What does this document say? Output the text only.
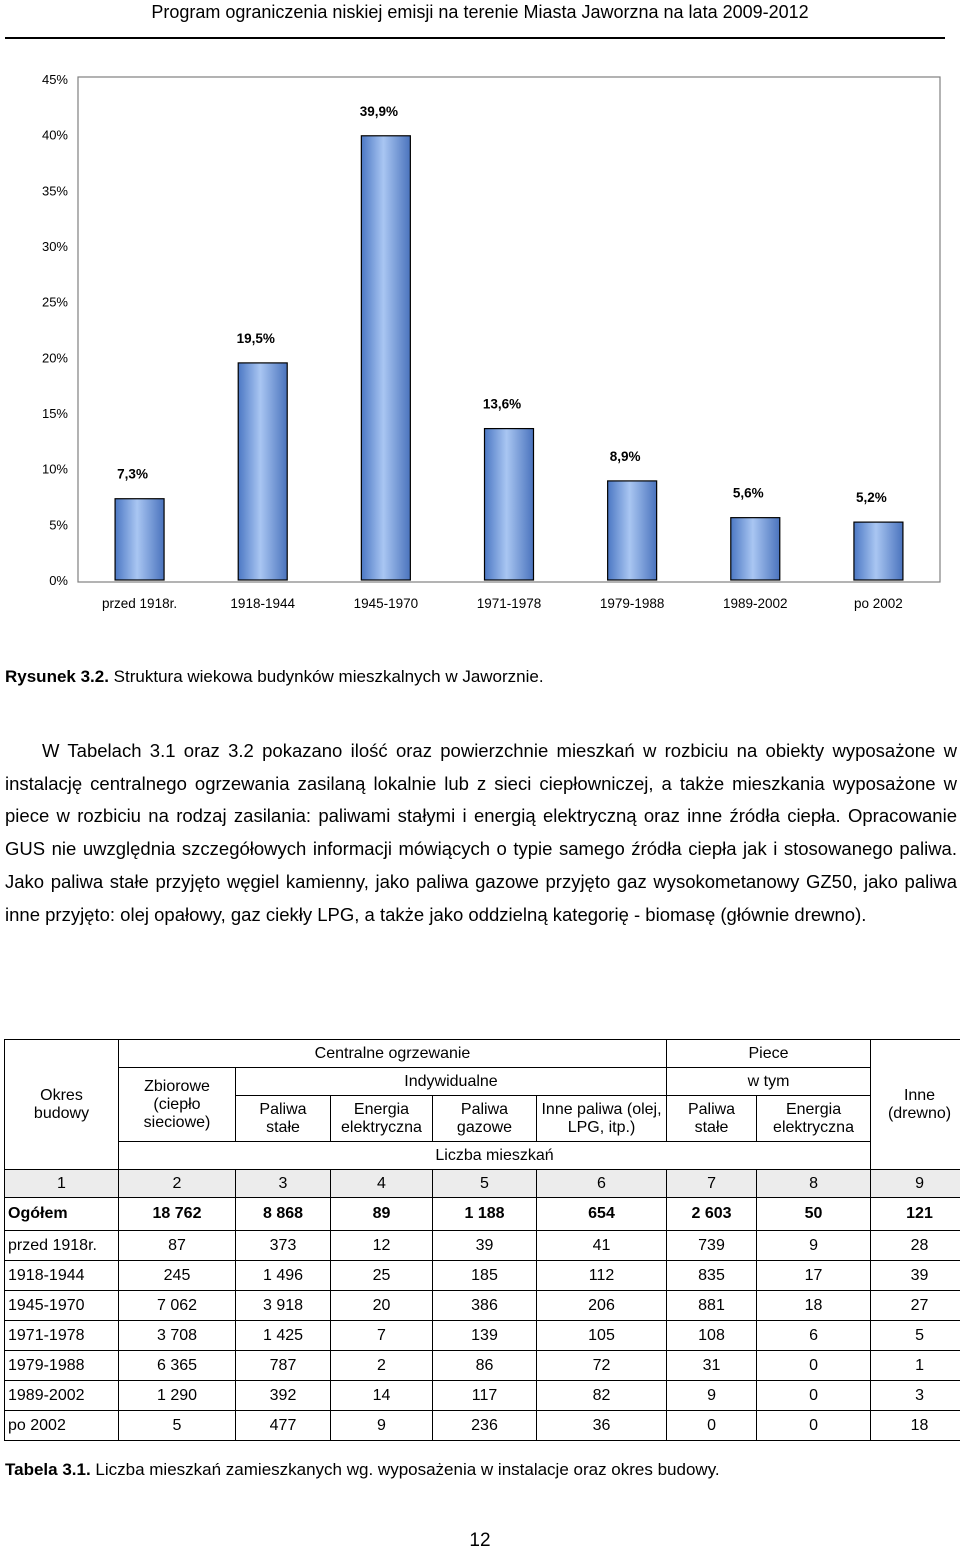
Program ograniczenia niskiej emisji na terenie Miasta Jaworzna na lata 2009-2012
0%
5%
10%
15%
20%
25%
30%
35%
40%
45%
7,3%
przed 1918r.
19,5%
1918-1944
39,9%
1945-1970
13,6%
1971-1978
8,9%
1979-1988
5,6%
1989-2002
5,2%
po 2002
Rysunek 3.2. Struktura wiekowa budynków mieszkalnych w Jaworznie.
W Tabelach 3.1 oraz 3.2 pokazano ilość oraz powierzchnie mieszkań w rozbiciu na obiekty wyposażone w instalację centralnego ogrzewania zasilaną lokalnie lub z sieci ciepłowniczej, a także mieszkania wyposażone w piece w rozbiciu na rodzaj zasilania: paliwami stałymi i energią elektryczną oraz inne źródła ciepła. Opracowanie GUS nie uwzględnia szczegółowych informacji mówiących o typie samego źródła ciepła jak i stosowanego paliwa. Jako paliwa stałe przyjęto węgiel kamienny, jako paliwa gazowe przyjęto gaz wysokometanowy GZ50, jako paliwa inne przyjęto: olej opałowy, gaz ciekły LPG, a także jako oddzielną kategorię - biomasę (głównie drewno).
Okres budowy	Centralne ogrzewanie					Piece		Inne (drewno)
	Zbiorowe (ciepło sieciowe)	Indywidualne				w tym		
		Paliwa stałe	Energia elektryczna	Paliwa gazowe	Inne paliwa (olej, LPG, itp.)	Paliwa stałe	Energia elektryczna	
	Liczba mieszkań							
1	2	3	4	5	6	7	8	9
Ogółem	18 762	8 868	89	1 188	654	2 603	50	121
przed 1918r.	87	373	12	39	41	739	9	28
1918-1944	245	1 496	25	185	112	835	17	39
1945-1970	7 062	3 918	20	386	206	881	18	27
1971-1978	3 708	1 425	7	139	105	108	6	5
1979-1988	6 365	787	2	86	72	31	0	1
1989-2002	1 290	392	14	117	82	9	0	3
po 2002	5	477	9	236	36	0	0	18
Tabela 3.1. Liczba mieszkań zamieszkanych wg. wyposażenia w instalacje oraz okres budowy.
12
